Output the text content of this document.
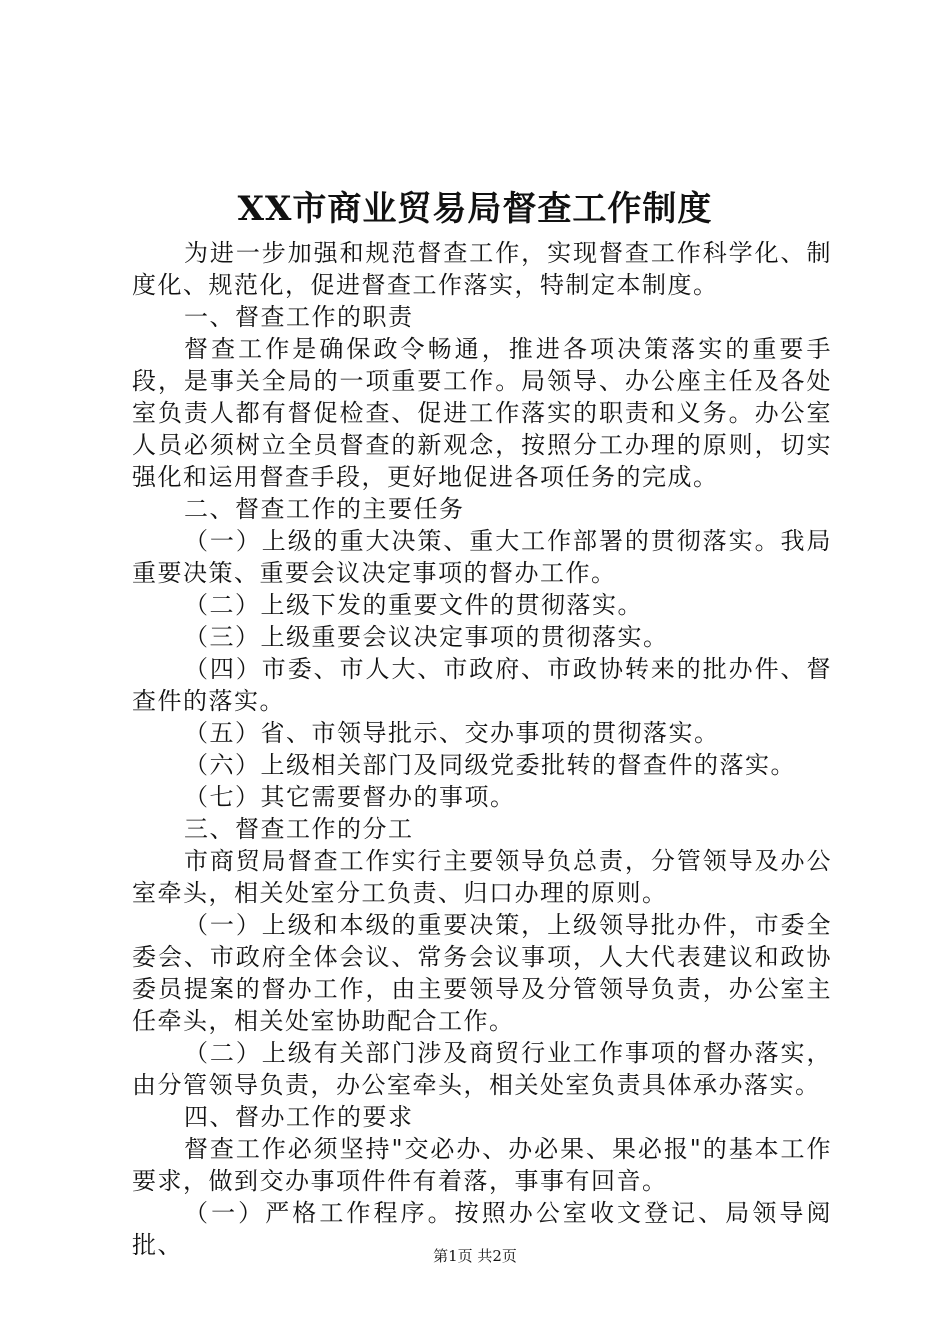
XX市商业贸易局督查工作制度

为进一步加强和规范督查工作，实现督查工作科学化、制度化、规范化，促进督查工作落实，特制定本制度。

一、督查工作的职责

督查工作是确保政令畅通，推进各项决策落实的重要手段，是事关全局的一项重要工作。局领导、办公座主任及各处室负责人都有督促检查、促进工作落实的职责和义务。办公室人员必须树立全员督查的新观念，按照分工办理的原则，切实强化和运用督查手段，更好地促进各项任务的完成。

二、督查工作的主要任务

（一）上级的重大决策、重大工作部署的贯彻落实。我局重要决策、重要会议决定事项的督办工作。

（二）上级下发的重要文件的贯彻落实。

（三）上级重要会议决定事项的贯彻落实。

（四）市委、市人大、市政府、市政协转来的批办件、督查件的落实。

（五）省、市领导批示、交办事项的贯彻落实。

（六）上级相关部门及同级党委批转的督查件的落实。

（七）其它需要督办的事项。

三、督查工作的分工

市商贸局督查工作实行主要领导负总责，分管领导及办公室牵头，相关处室分工负责、归口办理的原则。

（一）上级和本级的重要决策，上级领导批办件，市委全委会、市政府全体会议、常务会议事项，人大代表建议和政协委员提案的督办工作，由主要领导及分管领导负责，办公室主任牵头，相关处室协助配合工作。

（二）上级有关部门涉及商贸行业工作事项的督办落实，由分管领导负责，办公室牵头，相关处室负责具体承办落实。

四、督办工作的要求

督查工作必须坚持"交必办、办必果、果必报"的基本工作要求，做到交办事项件件有着落，事事有回音。

（一）严格工作程序。按照办公室收文登记、局领导阅批、	第1页 共2页
